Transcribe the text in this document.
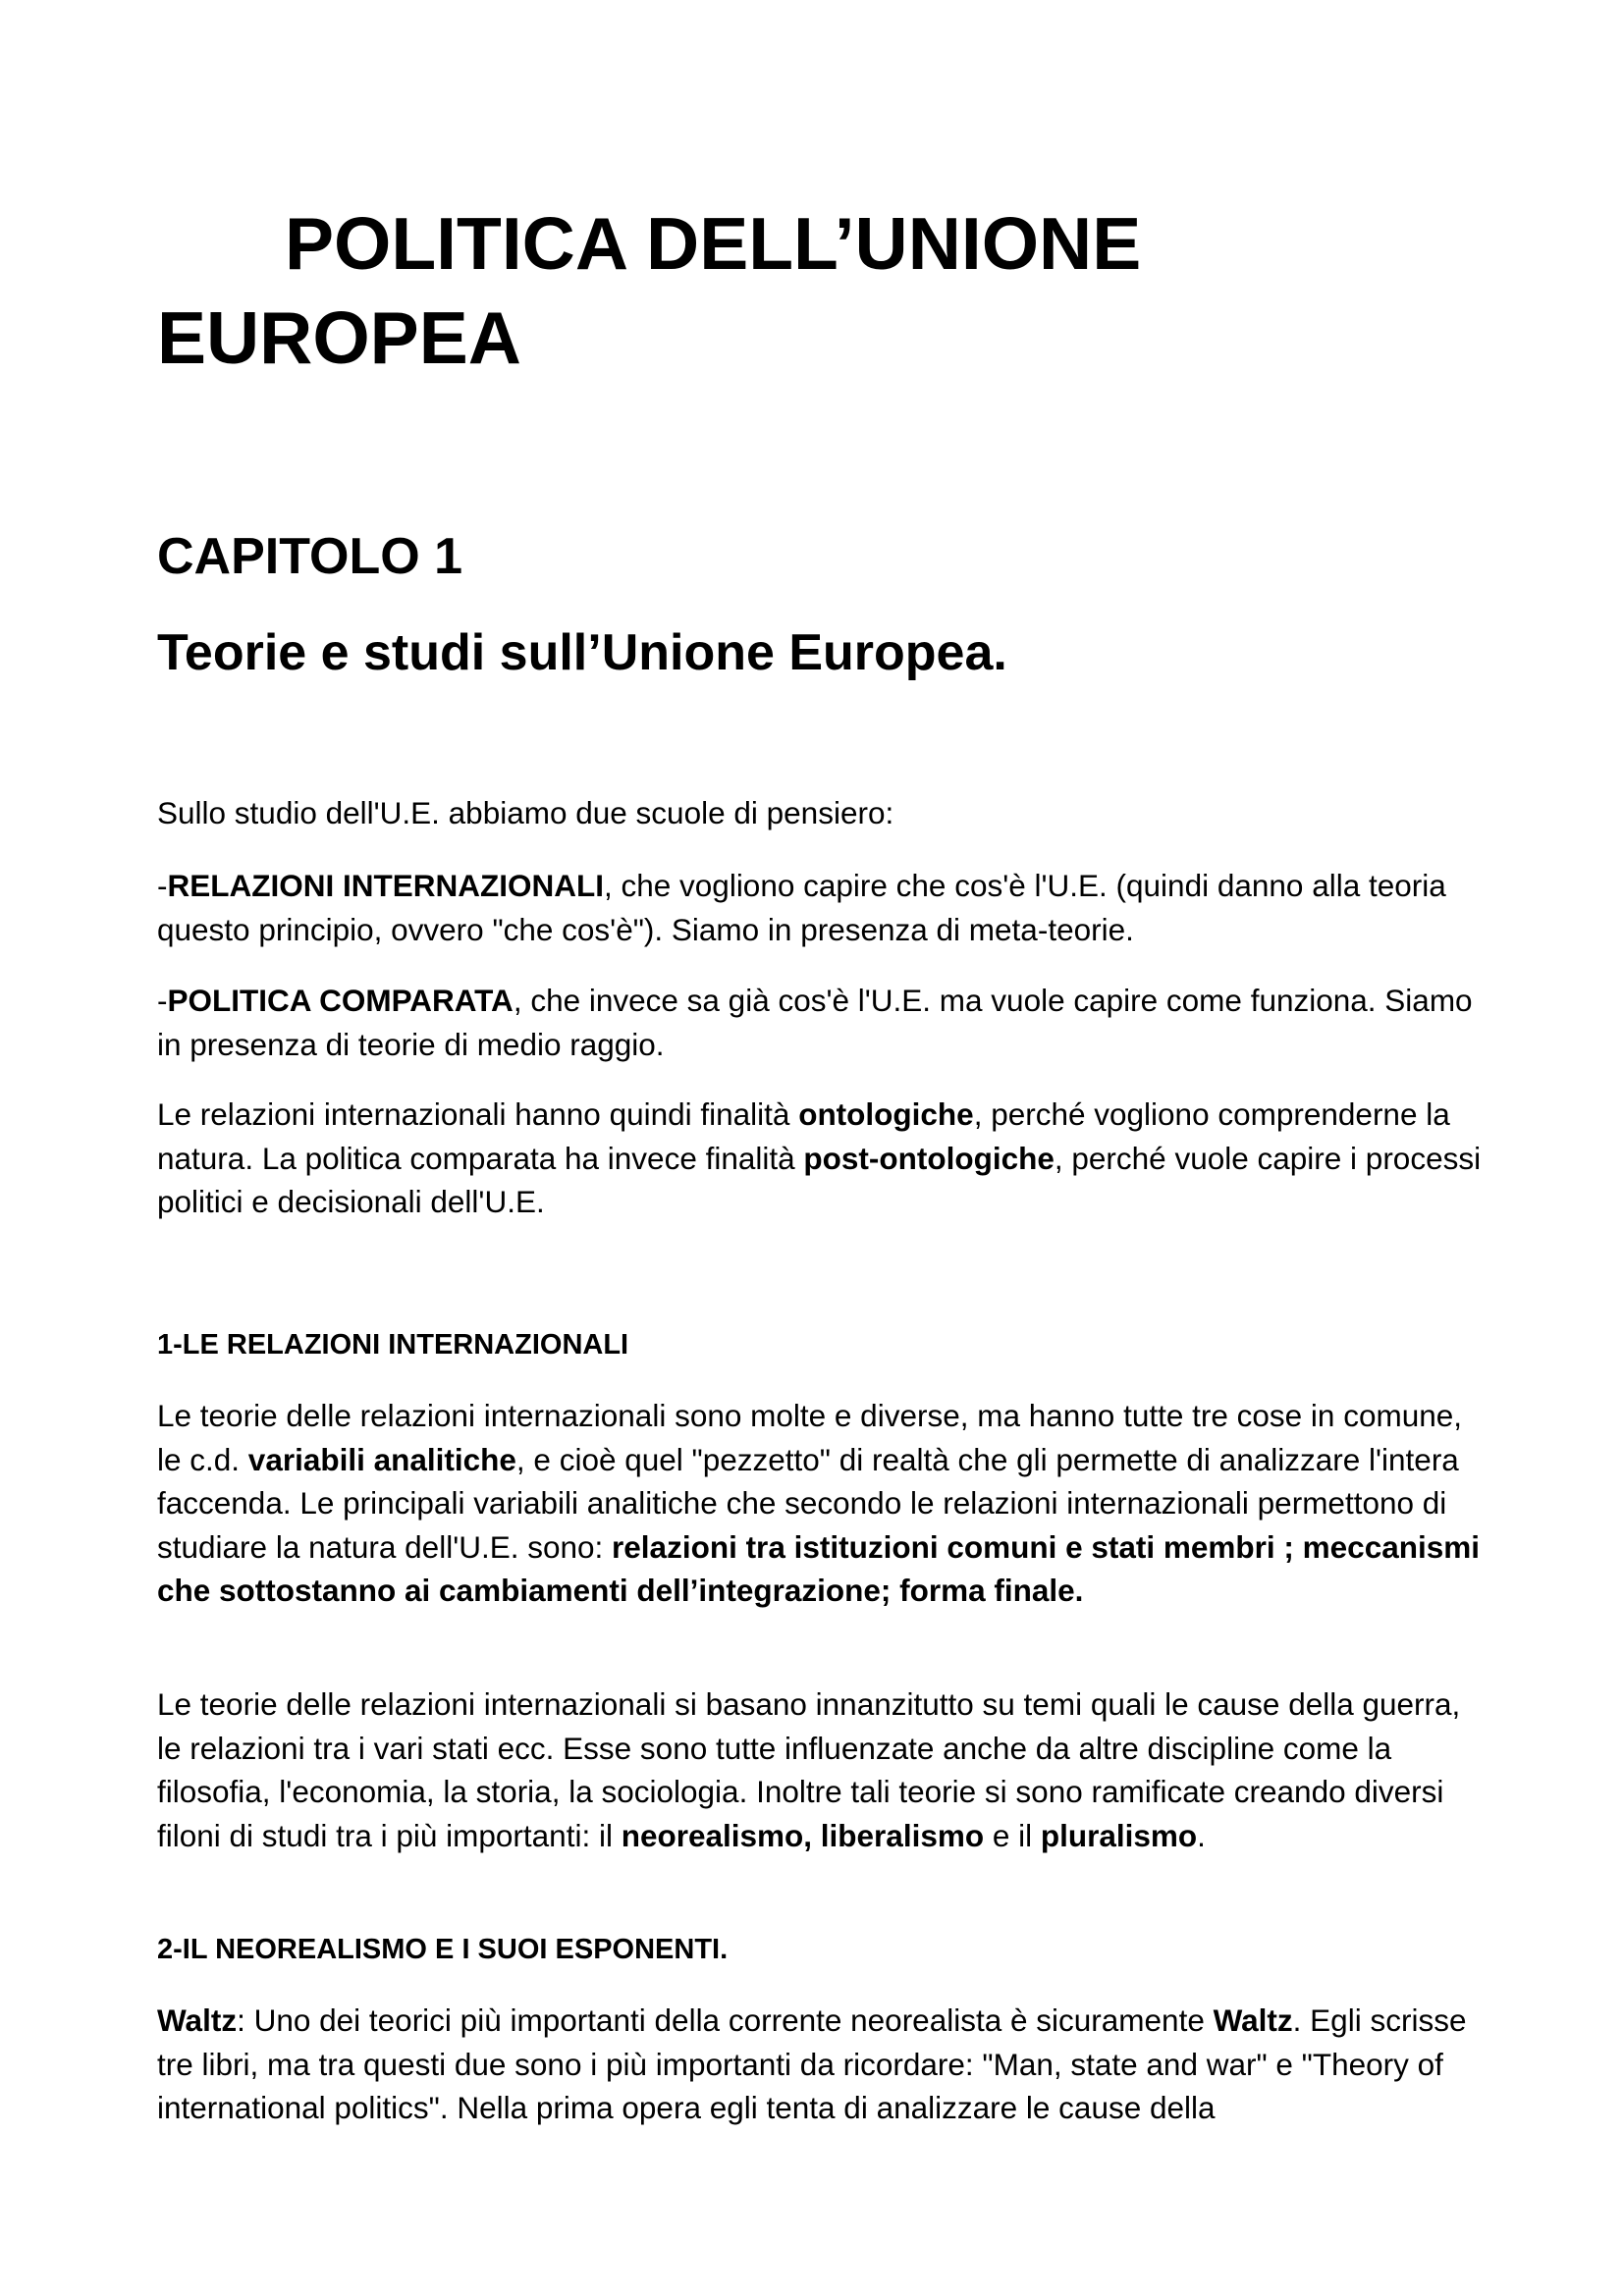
POLITICA DELL’UNIONE
EUROPEA
CAPITOLO 1
Teorie e studi sull’Unione Europea.

Sullo studio dell'U.E. abbiamo due scuole di pensiero:

-RELAZIONI INTERNAZIONALI, che vogliono capire che cos'è l'U.E. (quindi danno alla teoria questo principio, ovvero "che cos'è"). Siamo in presenza di meta-teorie.

-POLITICA COMPARATA, che invece sa già cos'è l'U.E. ma vuole capire come funziona. Siamo in presenza di teorie di medio raggio.

Le relazioni internazionali hanno quindi finalità ontologiche, perché vogliono comprenderne la natura. La politica comparata ha invece finalità post-ontologiche, perché vuole capire i processi politici e decisionali dell'U.E.

1-LE RELAZIONI INTERNAZIONALI

Le teorie delle relazioni internazionali sono molte e diverse, ma hanno tutte tre cose in comune, le c.d. variabili analitiche, e cioè quel "pezzetto" di realtà che gli permette di analizzare l'intera faccenda. Le principali variabili analitiche che secondo le relazioni internazionali permettono di studiare la natura dell'U.E. sono: relazioni tra istituzioni comuni e stati membri ; meccanismi che sottostanno ai cambiamenti dell’integrazione; forma finale.

Le teorie delle relazioni internazionali si basano innanzitutto su temi quali le cause della guerra, le relazioni tra i vari stati ecc. Esse sono tutte influenzate anche da altre discipline come la filosofia, l'economia, la storia, la sociologia. Inoltre tali teorie si sono ramificate creando diversi filoni di studi tra i più importanti: il neorealismo, liberalismo e il pluralismo.

2-IL NEOREALISMO E I SUOI ESPONENTI.

Waltz: Uno dei teorici più importanti della corrente neorealista è sicuramente Waltz. Egli scrisse tre libri, ma tra questi due sono i più importanti da ricordare: "Man, state and war" e "Theory of international politics". Nella prima opera egli tenta di analizzare le cause della
